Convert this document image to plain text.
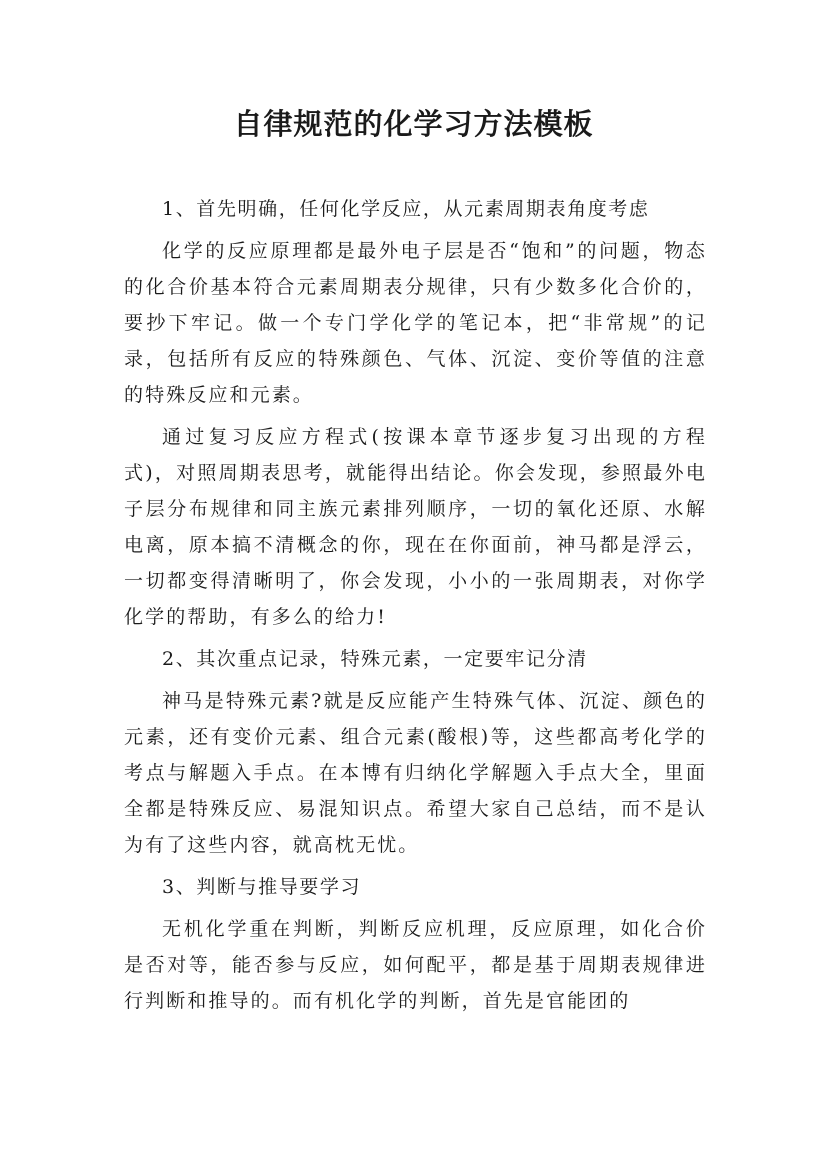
自律规范的化学习方法模板

1、首先明确，任何化学反应，从元素周期表角度考虑

化学的反应原理都是最外电子层是否“饱和”的问题，物态的化合价基本符合元素周期表分规律，只有少数多化合价的，要抄下牢记。做一个专门学化学的笔记本，把“非常规”的记录，包括所有反应的特殊颜色、气体、沉淀、变价等值的注意的特殊反应和元素。

通过复习反应方程式(按课本章节逐步复习出现的方程式)，对照周期表思考，就能得出结论。你会发现，参照最外电子层分布规律和同主族元素排列顺序，一切的氧化还原、水解电离，原本搞不清概念的你，现在在你面前，神马都是浮云，一切都变得清晰明了，你会发现，小小的一张周期表，对你学化学的帮助，有多么的给力!

2、其次重点记录，特殊元素，一定要牢记分清

神马是特殊元素?就是反应能产生特殊气体、沉淀、颜色的元素，还有变价元素、组合元素(酸根)等，这些都高考化学的考点与解题入手点。在本博有归纳化学解题入手点大全，里面全都是特殊反应、易混知识点。希望大家自己总结，而不是认为有了这些内容，就高枕无忧。

3、判断与推导要学习

无机化学重在判断，判断反应机理，反应原理，如化合价是否对等，能否参与反应，如何配平，都是基于周期表规律进行判断和推导的。而有机化学的判断，首先是官能团的
